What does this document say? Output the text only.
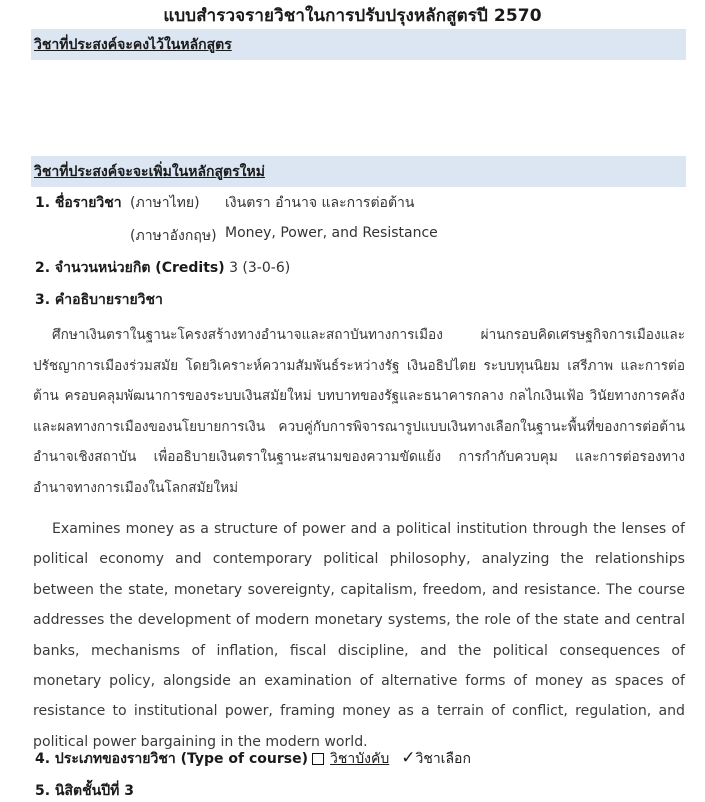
แบบสำรวจรายวิชาในการปรับปรุงหลักสูตรปี 2570
วิชาที่ประสงค์จะคงไว้ในหลักสูตร
วิชาที่ประสงค์จะจะเพิ่มในหลักสูตรใหม่
1. ชื่อรายวิชา (ภาษาไทย) เงินตรา อำนาจ และการต่อต้าน
(ภาษาอังกฤษ) Money, Power, and Resistance
2. จำนวนหน่วยกิต (Credits) 3 (3-0-6)
3. คำอธิบายรายวิชา
ศึกษาเงินตราในฐานะโครงสร้างทางอำนาจและสถาบันทางการเมือง ผ่านกรอบคิดเศรษฐกิจการเมืองและปรัชญาการเมืองร่วมสมัย โดยวิเคราะห์ความสัมพันธ์ระหว่างรัฐ เงินอธิปไตย ระบบทุนนิยม เสรีภาพ และการต่อต้าน ครอบคลุมพัฒนาการของระบบเงินสมัยใหม่ บทบาทของรัฐและธนาคารกลาง กลไกเงินเฟ้อ วินัยทางการคลัง และผลทางการเมืองของนโยบายการเงิน ควบคู่กับการพิจารณารูปแบบเงินทางเลือกในฐานะพื้นที่ของการต่อต้านอำนาจเชิงสถาบัน เพื่ออธิบายเงินตราในฐานะสนามของความขัดแย้ง การกำกับควบคุม และการต่อรองทางอำนาจทางการเมืองในโลกสมัยใหม่
Examines money as a structure of power and a political institution through the lenses of political economy and contemporary political philosophy, analyzing the relationships between the state, monetary sovereignty, capitalism, freedom, and resistance. The course addresses the development of modern monetary systems, the role of the state and central banks, mechanisms of inflation, fiscal discipline, and the political consequences of monetary policy, alongside an examination of alternative forms of money as spaces of resistance to institutional power, framing money as a terrain of conflict, regulation, and political power bargaining in the modern world.
4. ประเภทของรายวิชา (Type of course) วิชาบังคับ ✓วิชาเลือก
5. นิสิตชั้นปีที่ 3
